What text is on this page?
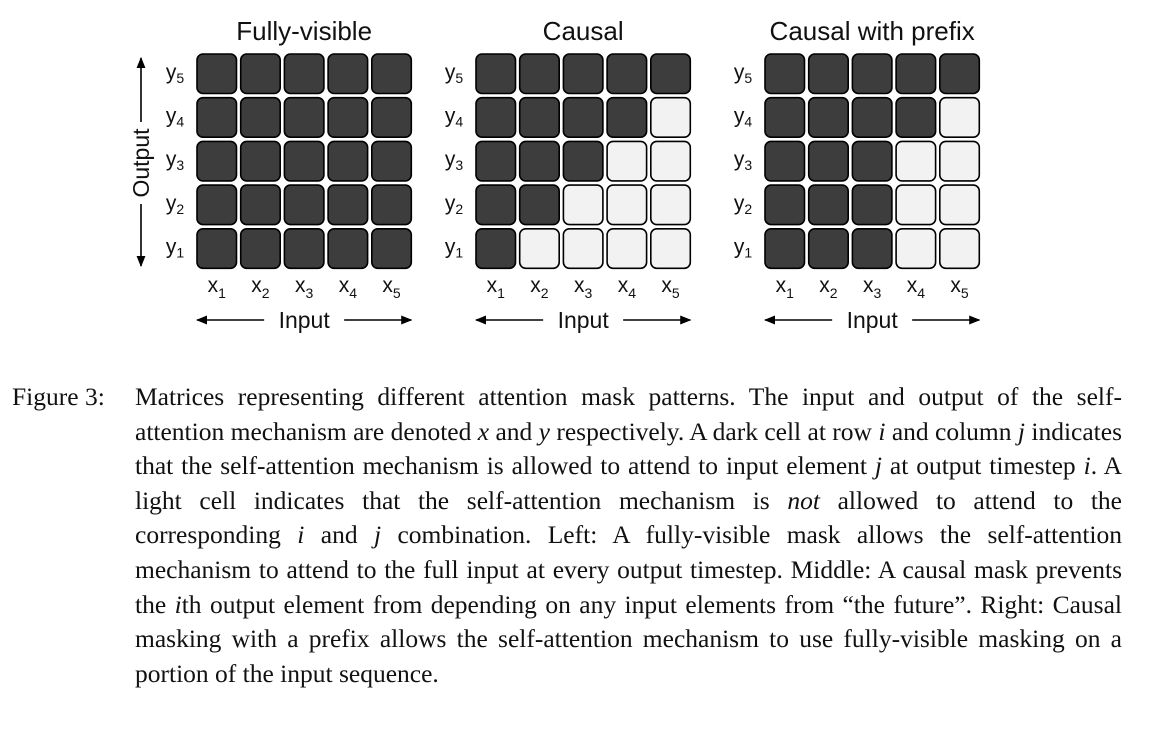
Fully-visible
$y_5$
$y_4$
$y_3$
$y_2$
$y_1$
$x_1$ $x_2$ $x_3$ $x_4$ $x_5$
Input
Causal
$y_5$
$y_4$
$y_3$
$y_2$
$y_1$
$x_1$ $x_2$ $x_3$ $x_4$ $x_5$
Input
Causal with prefix
$y_5$
$y_4$
$y_3$
$y_2$
$y_1$
$x_1$ $x_2$ $x_3$ $x_4$ $x_5$
Input
Output
Figure 3: Matrices representing different attention mask patterns. The input and output of the self-attention mechanism are denoted x and y respectively. A dark cell at row i and column j indicates that the self-attention mechanism is allowed to attend to input element j at output timestep i. A light cell indicates that the self-attention mechanism is not allowed to attend to the corresponding i and j combination. Left: A fully-visible mask allows the self-attention mechanism to attend to the full input at every output timestep. Middle: A causal mask prevents the ith output element from depending on any input elements from “the future”. Right: Causal masking with a prefix allows the self-attention mechanism to use fully-visible masking on a portion of the input sequence.
